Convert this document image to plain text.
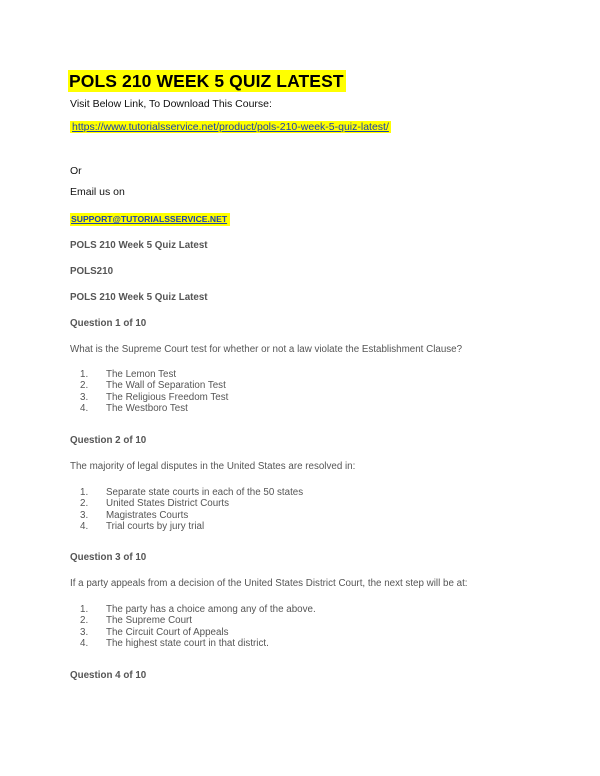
POLS 210 WEEK 5 QUIZ LATEST
Visit Below Link, To Download This Course:
https://www.tutorialsservice.net/product/pols-210-week-5-quiz-latest/
Or
Email us on
SUPPORT@TUTORIALSSERVICE.NET
POLS 210 Week 5 Quiz Latest
POLS210
POLS 210 Week 5 Quiz Latest
Question 1 of 10
What is the Supreme Court test for whether or not a law violate the Establishment Clause?
1. The Lemon Test
2. The Wall of Separation Test
3. The Religious Freedom Test
4. The Westboro Test
Question 2 of 10
The majority of legal disputes in the United States are resolved in:
1. Separate state courts in each of the 50 states
2. United States District Courts
3. Magistrates Courts
4. Trial courts by jury trial
Question 3 of 10
If a party appeals from a decision of the United States District Court, the next step will be at:
1. The party has a choice among any of the above.
2. The Supreme Court
3. The Circuit Court of Appeals
4. The highest state court in that district.
Question 4 of 10
